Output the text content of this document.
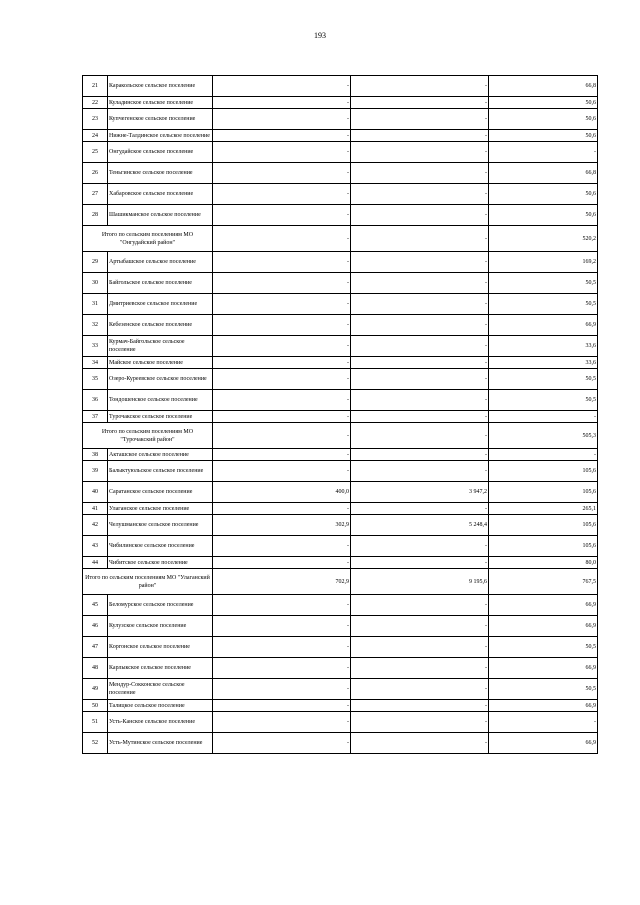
193
21	Каракольское сельское поселение	-	-	66,8
22	Куладинское сельское поселение	-	-	50,6
23	Купчегенское сельское поселение	-	-	50,6
24	Нижне-Талдинское сельское поселение	-	-	50,6
25	Онгудайское сельское поселение	-	-	-
26	Теньгинское сельское поселение	-	-	66,8
27	Хабаровское сельское поселение	-	-	50,6
28	Шашикманское сельское поселение	-	-	50,6
Итого по сельским поселениям МО "Онгудайский район"		-	-	520,2
29	Артыбашское сельское поселение	-	-	169,2
30	Байгольское сельское поселение	-	-	50,5
31	Дмитриевское сельское поселение	-	-	50,5
32	Кебезенское сельское поселение	-	-	66,9
33	Курмач-Байгольское сельское поселение	-	-	33,6
34	Майское сельское поселение	-	-	33,6
35	Озеро-Куреевское сельское поселение	-	-	50,5
36	Тондошенское сельское поселение	-	-	50,5
37	Турочакское сельское поселение	-	-	-
Итого по сельским поселениям МО "Турочакский район"		-	-	505,3
38	Акташское сельское поселение	-	-	-
39	Балыктуюльское сельское поселение	-	-	105,6
40	Саратанское сельское поселение	400,0	3 947,2	105,6
41	Улаганское сельское поселение	-	-	265,1
42	Челушманское сельское поселение	302,9	5 248,4	105,6
43	Чибилинское сельское поселение	-	-	105,6
44	Чибитское сельское поселение	-	-	80,0
Итого по сельским поселениям МО "Улаганский район"		702,9	9 195,6	767,5
45	Беломурское сельское поселение	-	-	66,9
46	Кулузское сельское поселение	-	-	66,9
47	Коргонское сельское поселение	-	-	50,5
48	Карлыкское сельское поселение	-	-	66,9
49	Мендур-Сокконское сельское поселение	-	-	50,5
50	Талицкое сельское поселение	-	-	66,9
51	Усть-Канское сельское поселение	-	-	-
52	Усть-Мутинское сельское поселение	-	-	66,9
